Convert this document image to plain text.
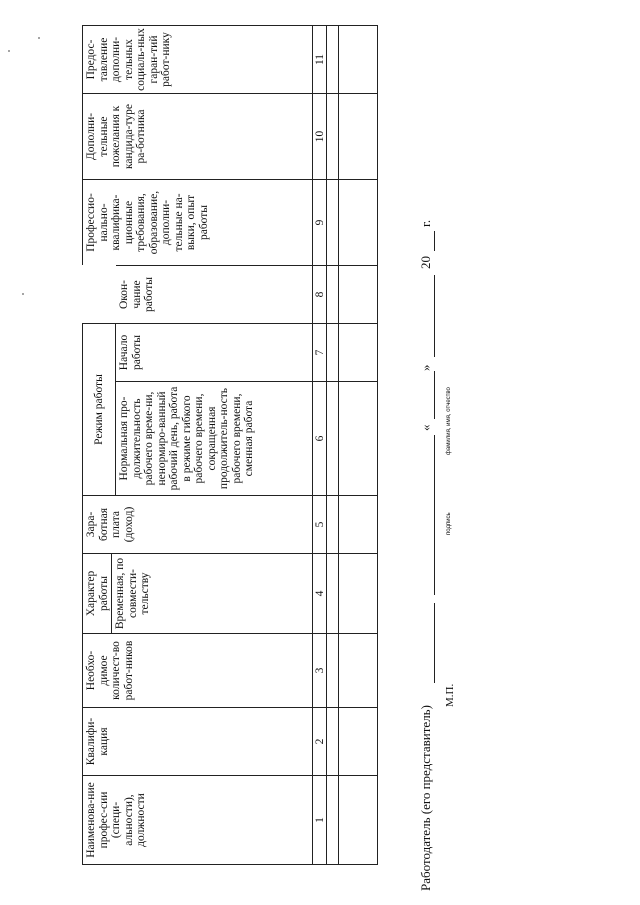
Наименова-ние профес-сии (специ-альности), должности
Квалифи-кация
Необхо-димое количест-во работ-ников
Характер работы Временная, по совмести-тельству
Зара-ботная плата (доход)
Режим работы	Нормальная про-должительность рабочего време-ни, ненормиро-ванный рабочий день, работа в режиме гибкого рабочего времени, сокращенная продолжитель-ность рабочего времени, сменная работа
Начало работы
Окон-чание работы
Профессио-нально-квалифика-ционные требования, образование, дополни-тельные на-выки, опыт работы
Дополни-тельные пожелания к кандида-туре ра-ботника
Предос-тавление дополни-тельных социаль-ных гаран-тий работ-нику
1
2
3
4
5
6
7
8
9
10
11
Работодатель (его представитель)
«
»
20
г.
М.П.
подпись
фамилия, имя, отчество
